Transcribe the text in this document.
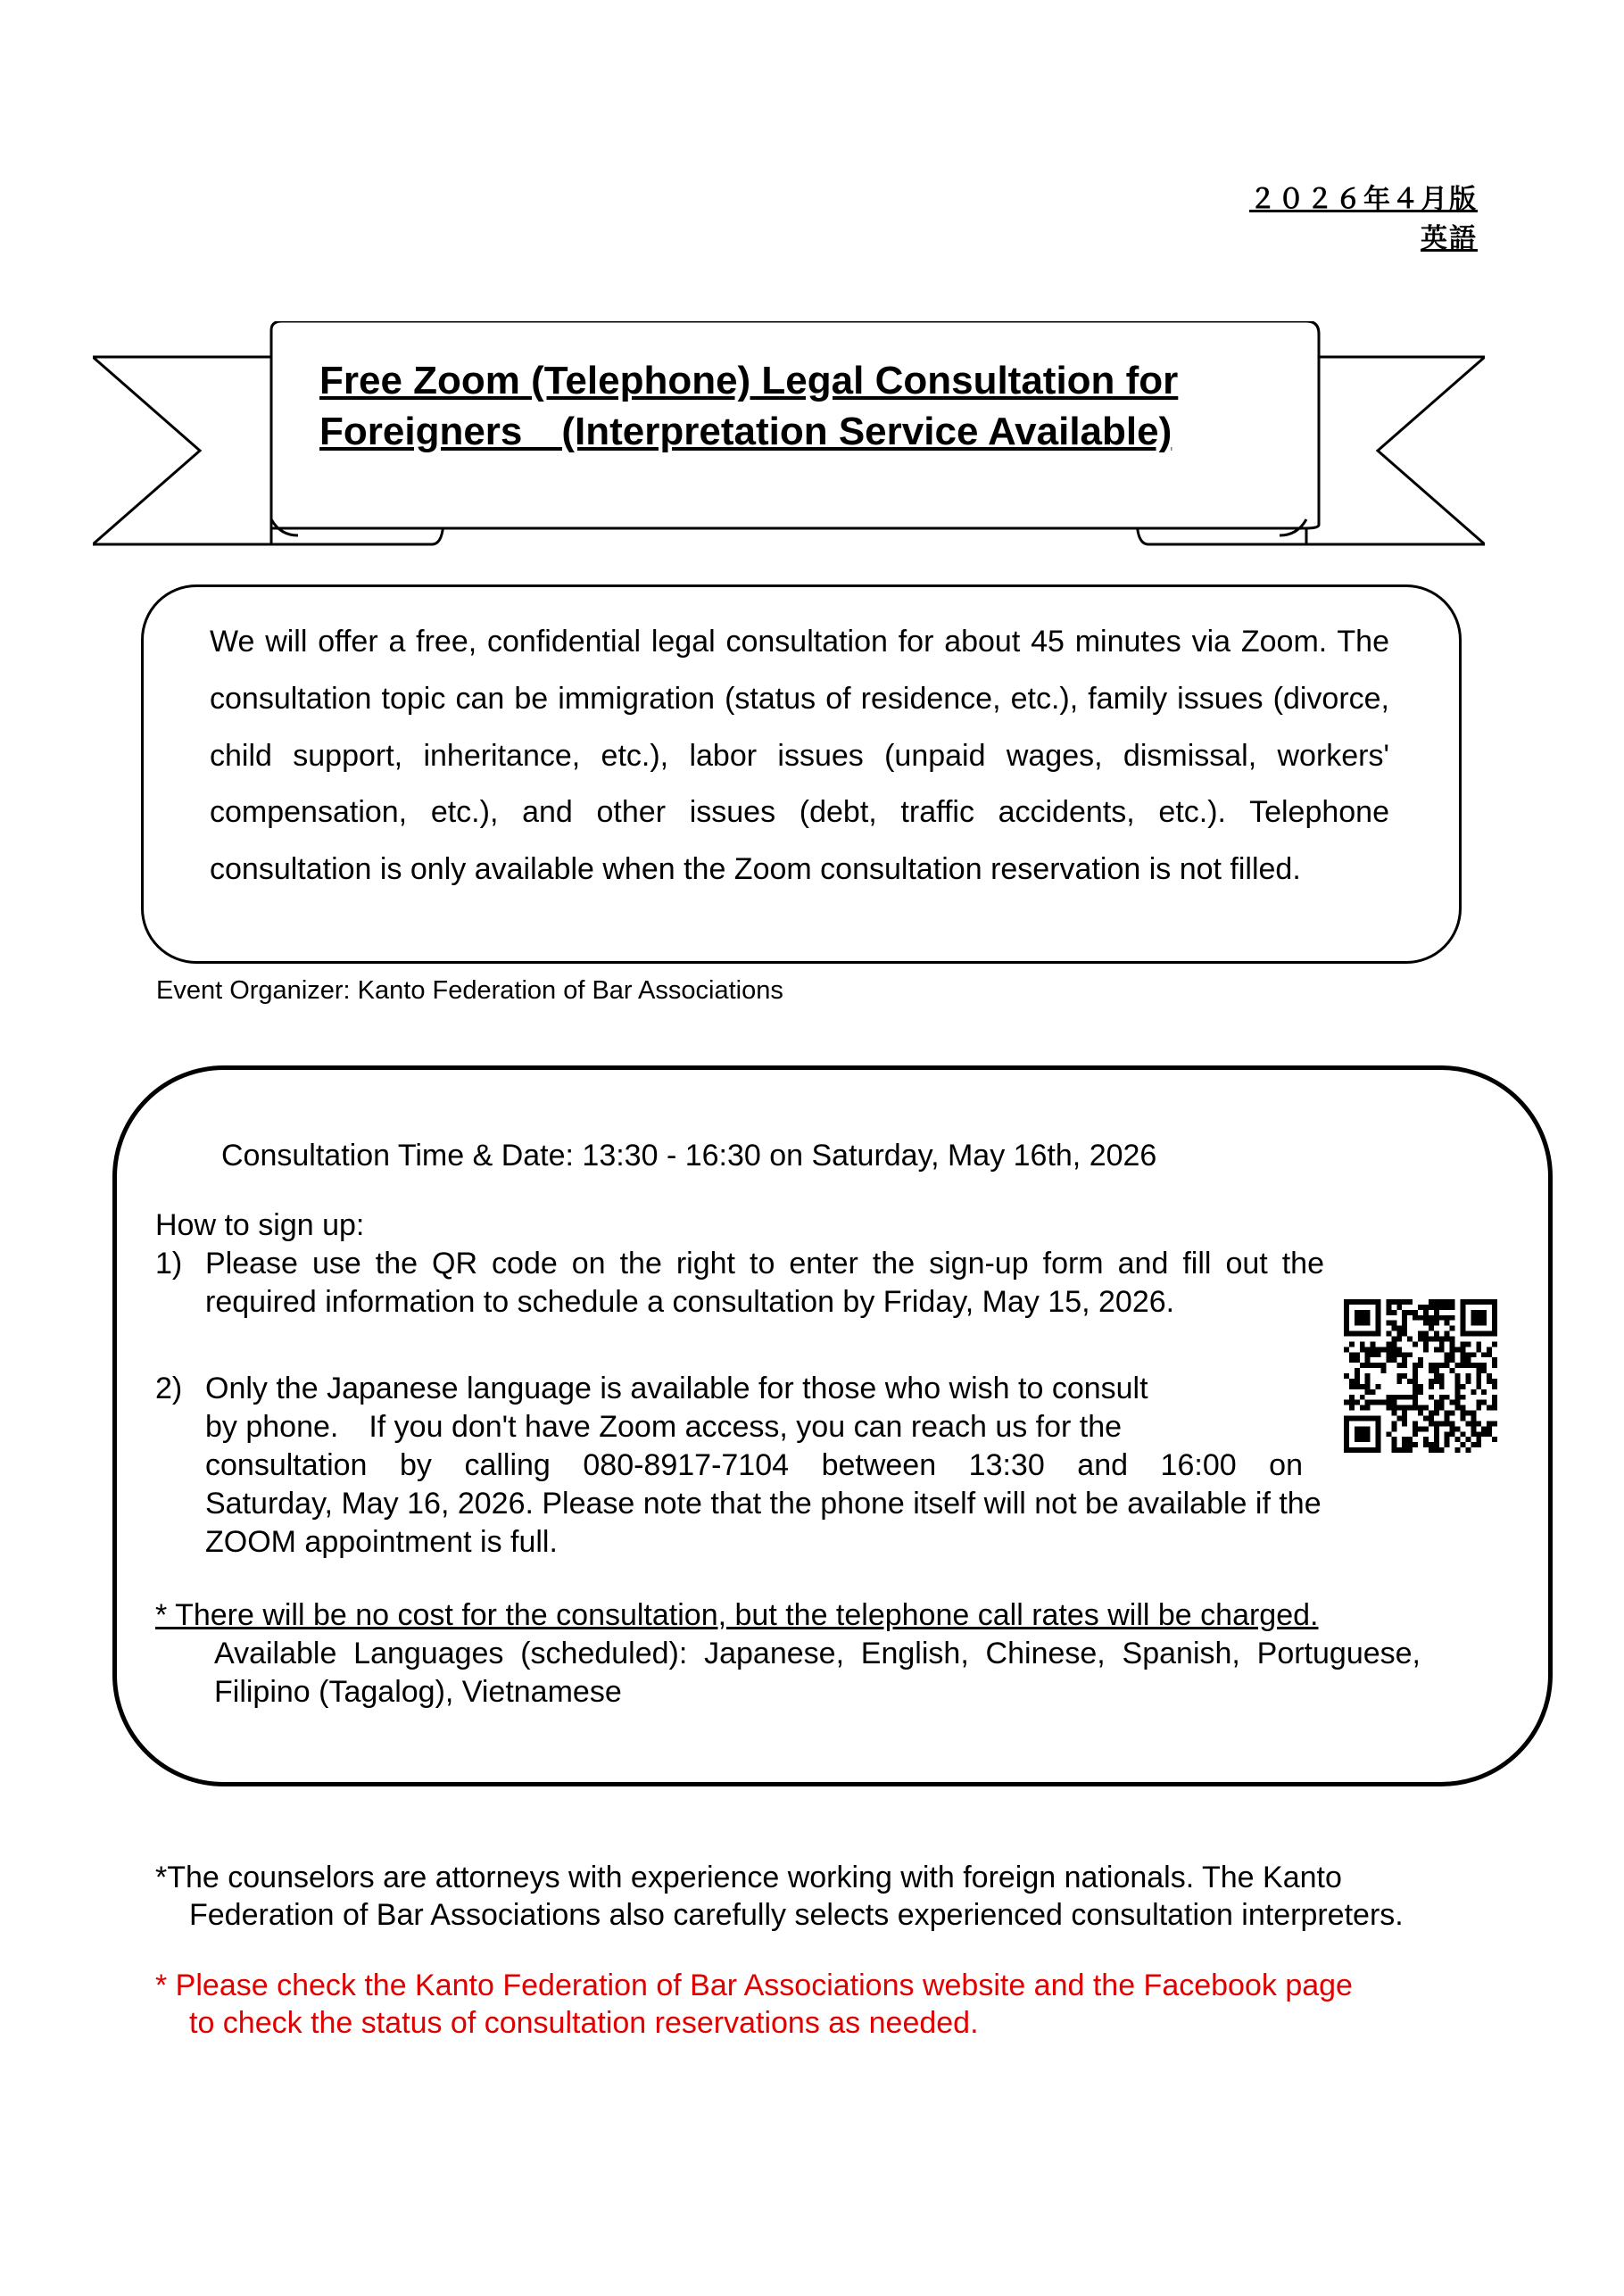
２０２６年４月版
英語
Free Zoom (Telephone) Legal Consultation for
Foreigners　(Interpretation Service Available)
We will offer a free, confidential legal consultation for about 45 minutes via Zoom. The consultation topic can be immigration (status of residence, etc.), family issues (divorce, child support, inheritance, etc.), labor issues (unpaid wages, dismissal, workers' compensation, etc.), and other issues (debt, traffic accidents, etc.). Telephone consultation is only available when the Zoom consultation reservation is not filled.
Event Organizer: Kanto Federation of Bar Associations
Consultation Time & Date: 13:30 - 16:30 on Saturday, May 16th, 2026
How to sign up:
1) Please use the QR code on the right to enter the sign-up form and fill out the required information to schedule a consultation by Friday, May 15, 2026.
2) Only the Japanese language is available for those who wish to consult
by phone.　If you don't have Zoom access, you can reach us for the
consultation by calling 080-8917-7104 between 13:30 and 16:00 on
Saturday, May 16, 2026. Please note that the phone itself will not be available if the
ZOOM appointment is full.
* There will be no cost for the consultation, but the telephone call rates will be charged.
Available Languages (scheduled): Japanese, English, Chinese, Spanish, Portuguese, Filipino (Tagalog), Vietnamese
*The counselors are attorneys with experience working with foreign nationals. The Kanto
Federation of Bar Associations also carefully selects experienced consultation interpreters.
* Please check the Kanto Federation of Bar Associations website and the Facebook page
to check the status of consultation reservations as needed.
